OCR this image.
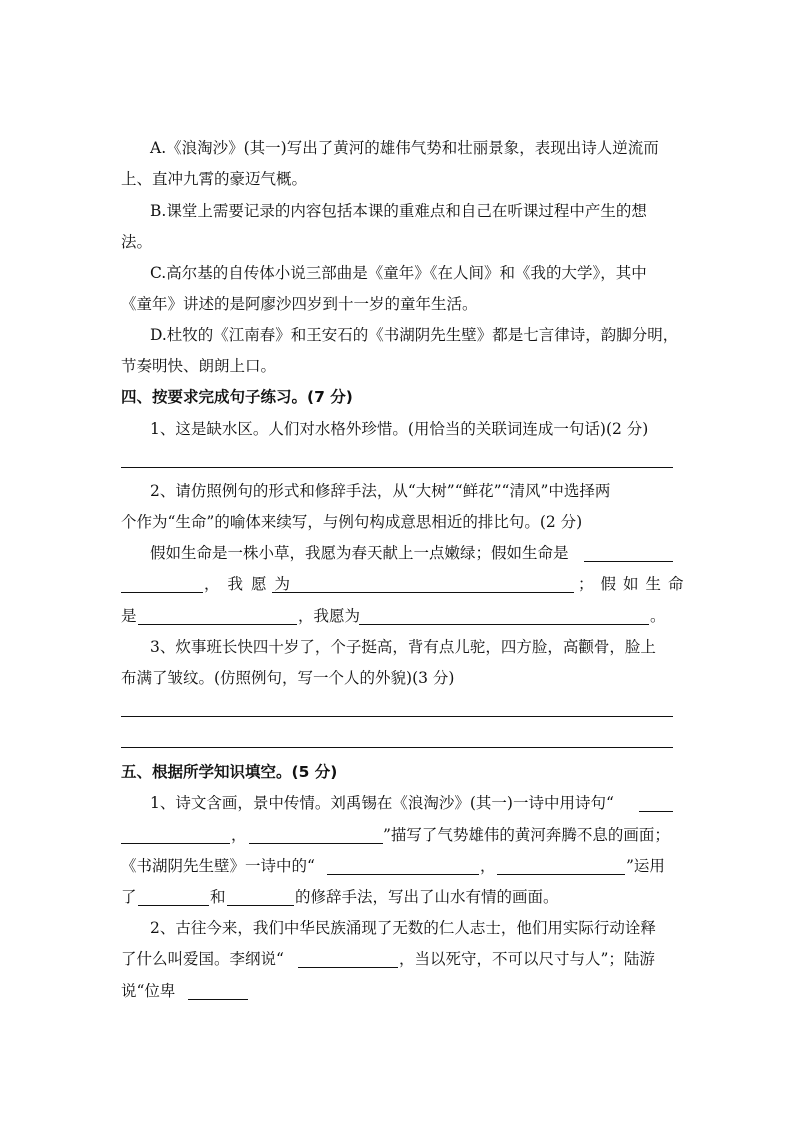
A.《浪淘沙》(其一)写出了黄河的雄伟气势和壮丽景象，表现出诗人逆流而
上、直冲九霄的豪迈气概。
B.课堂上需要记录的内容包括本课的重难点和自己在听课过程中产生的想
法。
C.高尔基的自传体小说三部曲是《童年》《在人间》和《我的大学》，其中
《童年》讲述的是阿廖沙四岁到十一岁的童年生活。
D.杜牧的《江南春》和王安石的《书湖阴先生壁》都是七言律诗，韵脚分明，
节奏明快、朗朗上口。
四、按要求完成句子练习。(7 分)
1、这是缺水区。人们对水格外珍惜。(用恰当的关联词连成一句话)(2 分)
2、请仿照例句的形式和修辞手法，从“大树”“鲜花”“清风”中选择两
个作为“生命”的喻体来续写，与例句构成意思相近的排比句。(2 分)
假如生命是一株小草，我愿为春天献上一点嫩绿；假如生命是
，我愿为	；假如生命
是	，我愿为	。
3、炊事班长快四十岁了，个子挺高，背有点儿驼，四方脸，高颧骨，脸上
布满了皱纹。(仿照例句，写一个人的外貌)(3 分)
五、根据所学知识填空。(5 分)
1、诗文含画，景中传情。刘禹锡在《浪淘沙》(其一)一诗中用诗句“
，	”描写了气势雄伟的黄河奔腾不息的画面；
《书湖阴先生壁》一诗中的“	，	”运用
了	和	的修辞手法，写出了山水有情的画面。
2、古往今来，我们中华民族涌现了无数的仁人志士，他们用实际行动诠释
了什么叫爱国。李纲说“	，当以死守，不可以尺寸与人”；陆游
说“位卑
